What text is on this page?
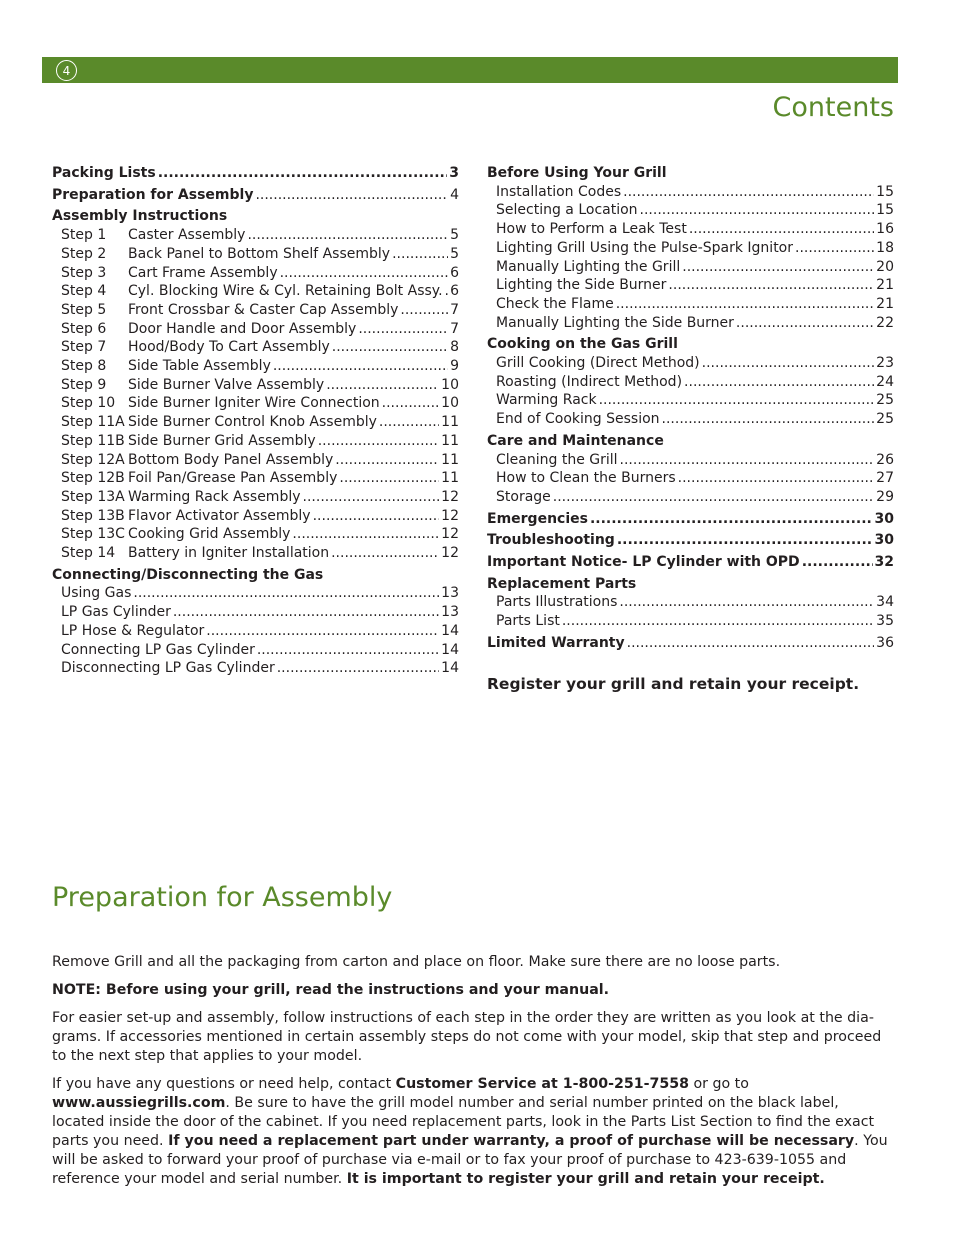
4
Contents
Packing Lists .....	3
Preparation for Assembly .....	4
Assembly Instructions
Step 1 Caster Assembly .....	5
Step 2 Back Panel to Bottom Shelf Assembly .....	5
Step 3 Cart Frame Assembly .....	6
Step 4 Cyl. Blocking Wire & Cyl. Retaining Bolt Assy. ..... 6
Step 5 Front Crossbar & Caster Cap Assembly .....	7
Step 6 Door Handle and Door Assembly .....	7
Step 7 Hood/Body To Cart Assembly .....	8
Step 8 Side Table Assembly .....	9
Step 9 Side Burner Valve Assembly .....	10
Step 10 Side Burner Igniter Wire Connection .....	10
Step 11A Side Burner Control Knob Assembly .....	11
Step 11B Side Burner Grid Assembly .....	11
Step 12A Bottom Body Panel Assembly .....	11
Step 12B Foil Pan/Grease Pan Assembly .....	11
Step 13A Warming Rack Assembly .....	12
Step 13B Flavor Activator Assembly .....	12
Step 13C Cooking Grid Assembly .....	12
Step 14 Battery in Igniter Installation .....	12
Connecting/Disconnecting the Gas
Using Gas .....	13
LP Gas Cylinder .....	13
LP Hose & Regulator .....	14
Connecting LP Gas Cylinder .....	14
Disconnecting LP Gas Cylinder .....	14
Before Using Your Grill
Installation Codes .....	15
Selecting a Location .....	15
How to Perform a Leak Test .....	16
Lighting Grill Using the Pulse-Spark Ignitor .....	18
Manually Lighting the Grill .....	20
Lighting the Side Burner .....	21
Check the Flame .....	21
Manually Lighting the Side Burner .....	22
Cooking on the Gas Grill
Grill Cooking (Direct Method) .....	23
Roasting (Indirect Method) .....	24
Warming Rack .....	25
End of Cooking Session .....	25
Care and Maintenance
Cleaning the Grill .....	26
How to Clean the Burners .....	27
Storage .....	29
Emergencies .....	30
Troubleshooting .....	30
Important Notice- LP Cylinder with OPD .....	32
Replacement Parts
Parts Illustrations .....	34
Parts List .....	35
Limited Warranty .....	36
Register your grill and retain your receipt.
Preparation for Assembly

Remove Grill and all the packaging from carton and place on floor. Make sure there are no loose parts.

NOTE: Before using your grill, read the instructions and your manual.

For easier set-up and assembly, follow instructions of each step in the order they are written as you look at the dia-grams. If accessories mentioned in certain assembly steps do not come with your model, skip that step and proceed to the next step that applies to your model.

If you have any questions or need help, contact Customer Service at 1-800-251-7558 or go to www.aussiegrills.com. Be sure to have the grill model number and serial number printed on the black label, located inside the door of the cabinet. If you need replacement parts, look in the Parts List Section to find the exact parts you need. If you need a replacement part under warranty, a proof of purchase will be necessary. You will be asked to forward your proof of purchase via e-mail or to fax your proof of purchase to 423-639-1055 and reference your model and serial number. It is important to register your grill and retain your receipt.
